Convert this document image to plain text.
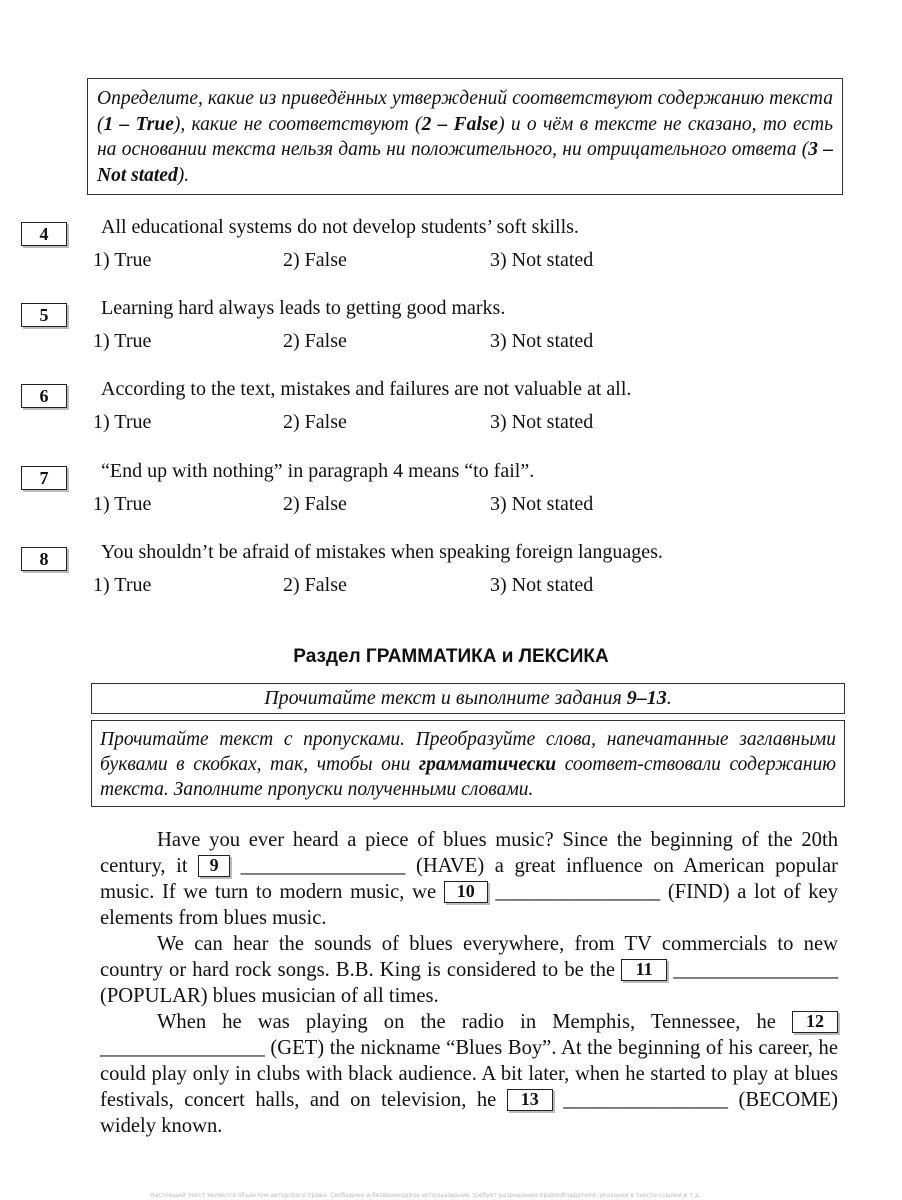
Определите, какие из приведённых утверждений соответствуют содержанию текста (1 – True), какие не соответствуют (2 – False) и о чём в тексте не сказано, то есть на основании текста нельзя дать ни положительного, ни отрицательного ответа (3 – Not stated).
4	All educational systems do not develop students’ soft skills.
1) True	2) False	3) Not stated
5	Learning hard always leads to getting good marks.
1) True	2) False	3) Not stated
6	According to the text, mistakes and failures are not valuable at all.
1) True	2) False	3) Not stated
7	“End up with nothing” in paragraph 4 means “to fail”.
1) True	2) False	3) Not stated
8	You shouldn’t be afraid of mistakes when speaking foreign languages.
1) True	2) False	3) Not stated
Раздел ГРАММАТИКА и ЛЕКСИКА
Прочитайте текст и выполните задания 9–13.
Прочитайте текст с пропусками. Преобразуйте слова, напечатанные заглавными буквами в скобках, так, чтобы они грамматически соответ-ствовали содержанию текста. Заполните пропуски полученными словами.

Have you ever heard a piece of blues music? Since the beginning of the 20th century, it 9 ________________ (HAVE) a great influence on American popular music. If we turn to modern music, we 10 ________________ (FIND) a lot of key elements from blues music.

We can hear the sounds of blues everywhere, from TV commercials to new country or hard rock songs. B.B. King is considered to be the 11 ________________ (POPULAR) blues musician of all times.

When he was playing on the radio in Memphis, Tennessee, he 12 ________________ (GET) the nickname “Blues Boy”. At the beginning of his career, he could play only in clubs with black audience. A bit later, when he started to play at blues festivals, concert halls, and on television, he 13 ________________ (BECOME) widely known.

Настоящий текст является объектом авторского права. Свободное и безвозмездное использование требует разрешения правообладателя, указания в тексте ссылки и т.д.
